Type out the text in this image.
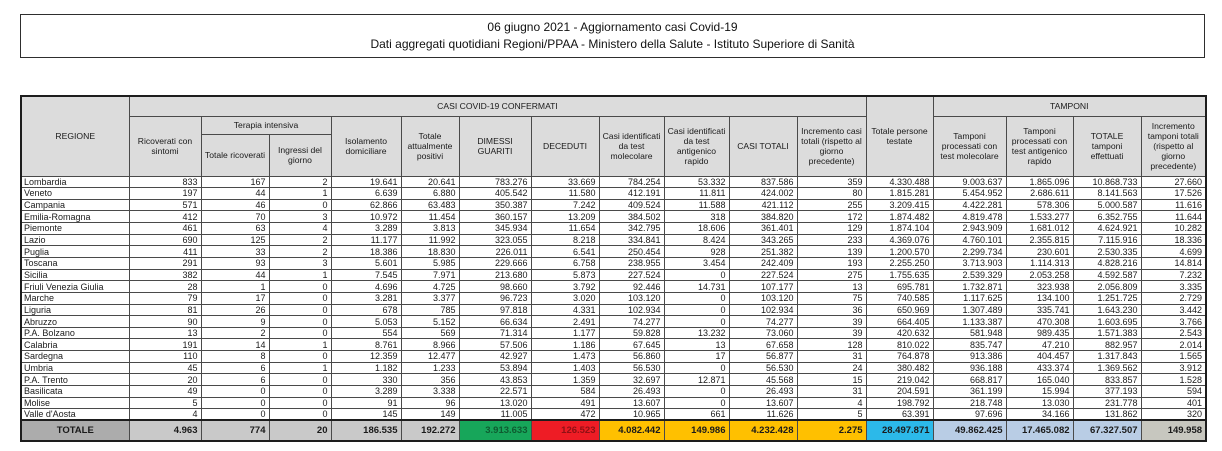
06 giugno 2021 - Aggiornamento casi Covid-19
Dati aggregati quotidiani Regioni/PPAA - Ministero della Salute - Istituto Superiore di Sanità
REGIONE	CASI COVID-19 CONFERMATI											Totale persone testate	TAMPONI			
	Ricoverati con sintomi	Terapia intensiva		Isolamento domiciliare	Totale attualmente positivi	DIMESSI GUARITI	DECEDUTI	Casi identificati da test molecolare	Casi identificati da test antigenico rapido	CASI TOTALI	Incremento casi totali (rispetto al giorno precedente)		Tamponi processati con test molecolare	Tamponi processati con test antigenico rapido	TOTALE tamponi effettuati	Incremento tamponi totali (rispetto al giorno precedente)
		Totale ricoverati	Ingressi del giorno													
Lombardia	833	167	2	19.641	20.641	783.276	33.669	784.254	53.332	837.586	359	4.330.488	9.003.637	1.865.096	10.868.733	27.660
Veneto	197	44	1	6.639	6.880	405.542	11.580	412.191	11.811	424.002	80	1.815.281	5.454.952	2.686.611	8.141.563	17.526
Campania	571	46	0	62.866	63.483	350.387	7.242	409.524	11.588	421.112	255	3.209.415	4.422.281	578.306	5.000.587	11.616
Emilia-Romagna	412	70	3	10.972	11.454	360.157	13.209	384.502	318	384.820	172	1.874.482	4.819.478	1.533.277	6.352.755	11.644
Piemonte	461	63	4	3.289	3.813	345.934	11.654	342.795	18.606	361.401	129	1.874.104	2.943.909	1.681.012	4.624.921	10.282
Lazio	690	125	2	11.177	11.992	323.055	8.218	334.841	8.424	343.265	233	4.369.076	4.760.101	2.355.815	7.115.916	18.336
Puglia	411	33	2	18.386	18.830	226.011	6.541	250.454	928	251.382	139	1.200.570	2.299.734	230.601	2.530.335	4.699
Toscana	291	93	3	5.601	5.985	229.666	6.758	238.955	3.454	242.409	193	2.255.250	3.713.903	1.114.313	4.828.216	14.814
Sicilia	382	44	1	7.545	7.971	213.680	5.873	227.524	0	227.524	275	1.755.635	2.539.329	2.053.258	4.592.587	7.232
Friuli Venezia Giulia	28	1	0	4.696	4.725	98.660	3.792	92.446	14.731	107.177	13	695.781	1.732.871	323.938	2.056.809	3.335
Marche	79	17	0	3.281	3.377	96.723	3.020	103.120	0	103.120	75	740.585	1.117.625	134.100	1.251.725	2.729
Liguria	81	26	0	678	785	97.818	4.331	102.934	0	102.934	36	650.969	1.307.489	335.741	1.643.230	3.442
Abruzzo	90	9	0	5.053	5.152	66.634	2.491	74.277	0	74.277	39	664.405	1.133.387	470.308	1.603.695	3.766
P.A. Bolzano	13	2	0	554	569	71.314	1.177	59.828	13.232	73.060	39	420.632	581.948	989.435	1.571.383	2.543
Calabria	191	14	1	8.761	8.966	57.506	1.186	67.645	13	67.658	128	810.022	835.747	47.210	882.957	2.014
Sardegna	110	8	0	12.359	12.477	42.927	1.473	56.860	17	56.877	31	764.878	913.386	404.457	1.317.843	1.565
Umbria	45	6	1	1.182	1.233	53.894	1.403	56.530	0	56.530	24	380.482	936.188	433.374	1.369.562	3.912
P.A. Trento	20	6	0	330	356	43.853	1.359	32.697	12.871	45.568	15	219.042	668.817	165.040	833.857	1.528
Basilicata	49	0	0	3.289	3.338	22.571	584	26.493	0	26.493	31	204.591	361.199	15.994	377.193	594
Molise	5	0	0	91	96	13.020	491	13.607	0	13.607	4	198.792	218.748	13.030	231.778	401
Valle d'Aosta	4	0	0	145	149	11.005	472	10.965	661	11.626	5	63.391	97.696	34.166	131.862	320
TOTALE	4.963	774	20	186.535	192.272	3.913.633	126.523	4.082.442	149.986	4.232.428	2.275	28.497.871	49.862.425	17.465.082	67.327.507	149.958
